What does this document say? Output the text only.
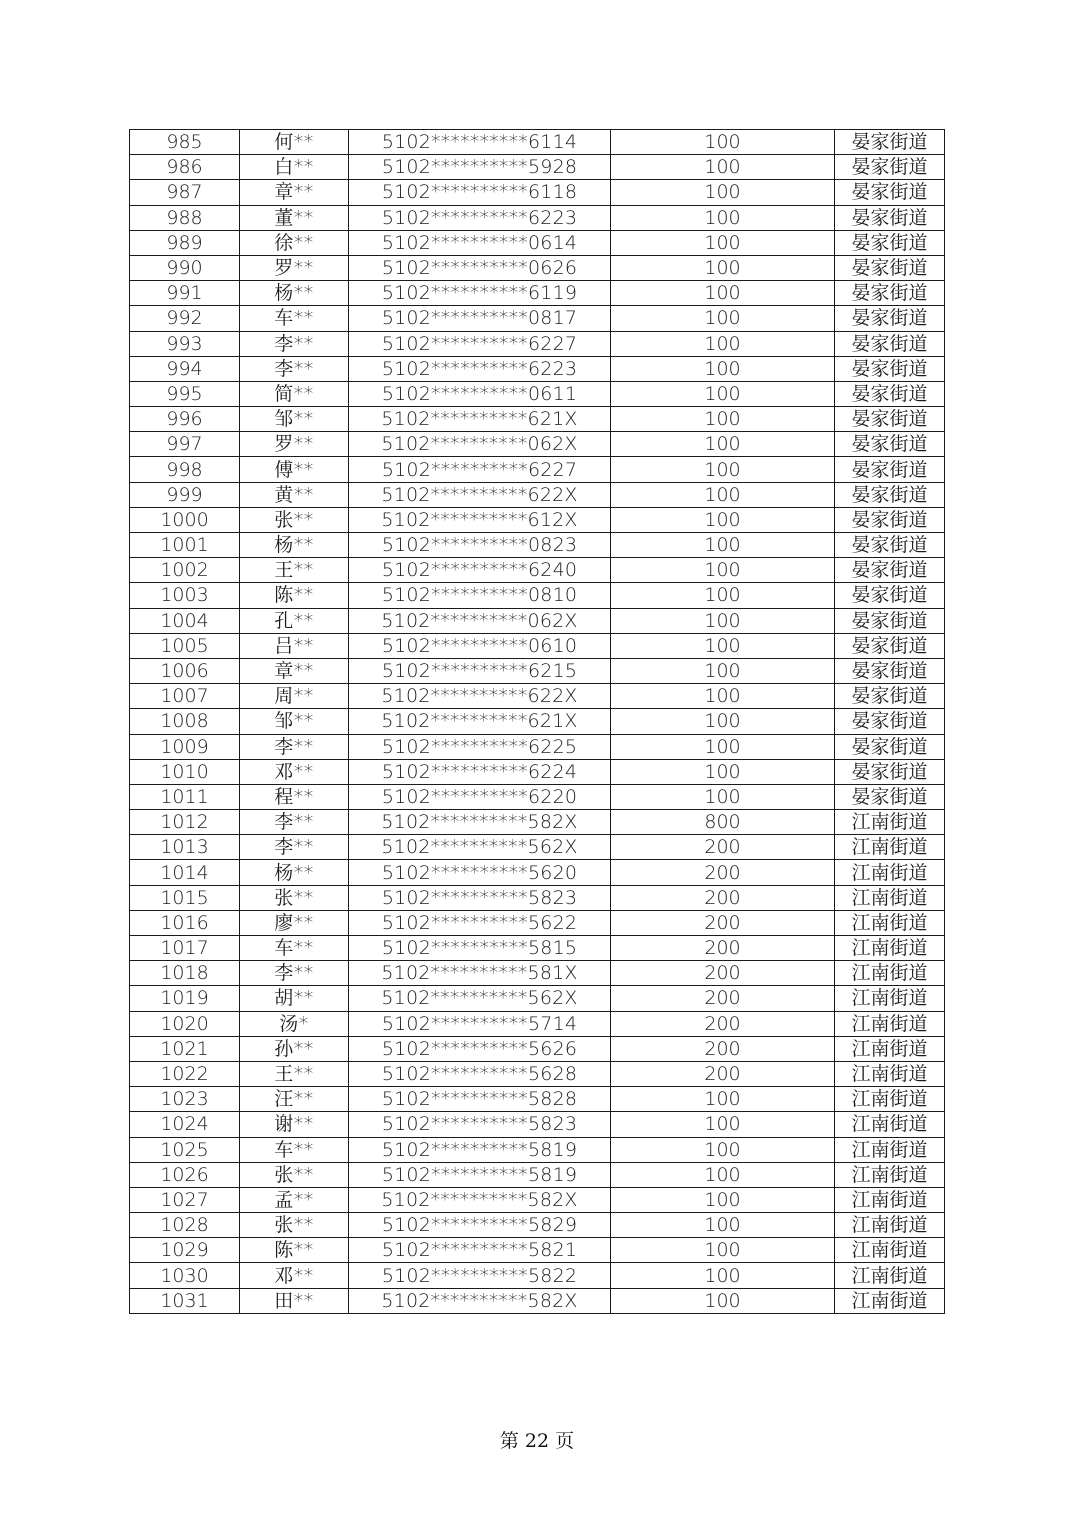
985	何**	5102**********6114	100	晏家街道
986	白**	5102**********5928	100	晏家街道
987	章**	5102**********6118	100	晏家街道
988	董**	5102**********6223	100	晏家街道
989	徐**	5102**********0614	100	晏家街道
990	罗**	5102**********0626	100	晏家街道
991	杨**	5102**********6119	100	晏家街道
992	车**	5102**********0817	100	晏家街道
993	李**	5102**********6227	100	晏家街道
994	李**	5102**********6223	100	晏家街道
995	简**	5102**********0611	100	晏家街道
996	邹**	5102**********621X	100	晏家街道
997	罗**	5102**********062X	100	晏家街道
998	傅**	5102**********6227	100	晏家街道
999	黄**	5102**********622X	100	晏家街道
1000	张**	5102**********612X	100	晏家街道
1001	杨**	5102**********0823	100	晏家街道
1002	王**	5102**********6240	100	晏家街道
1003	陈**	5102**********0810	100	晏家街道
1004	孔**	5102**********062X	100	晏家街道
1005	吕**	5102**********0610	100	晏家街道
1006	章**	5102**********6215	100	晏家街道
1007	周**	5102**********622X	100	晏家街道
1008	邹**	5102**********621X	100	晏家街道
1009	李**	5102**********6225	100	晏家街道
1010	邓**	5102**********6224	100	晏家街道
1011	程**	5102**********6220	100	晏家街道
1012	李**	5102**********582X	800	江南街道
1013	李**	5102**********562X	200	江南街道
1014	杨**	5102**********5620	200	江南街道
1015	张**	5102**********5823	200	江南街道
1016	廖**	5102**********5622	200	江南街道
1017	车**	5102**********5815	200	江南街道
1018	李**	5102**********581X	200	江南街道
1019	胡**	5102**********562X	200	江南街道
1020	汤*	5102**********5714	200	江南街道
1021	孙**	5102**********5626	200	江南街道
1022	王**	5102**********5628	200	江南街道
1023	汪**	5102**********5828	100	江南街道
1024	谢**	5102**********5823	100	江南街道
1025	车**	5102**********5819	100	江南街道
1026	张**	5102**********5819	100	江南街道
1027	孟**	5102**********582X	100	江南街道
1028	张**	5102**********5829	100	江南街道
1029	陈**	5102**********5821	100	江南街道
1030	邓**	5102**********5822	100	江南街道
1031	田**	5102**********582X	100	江南街道
第 22 页
